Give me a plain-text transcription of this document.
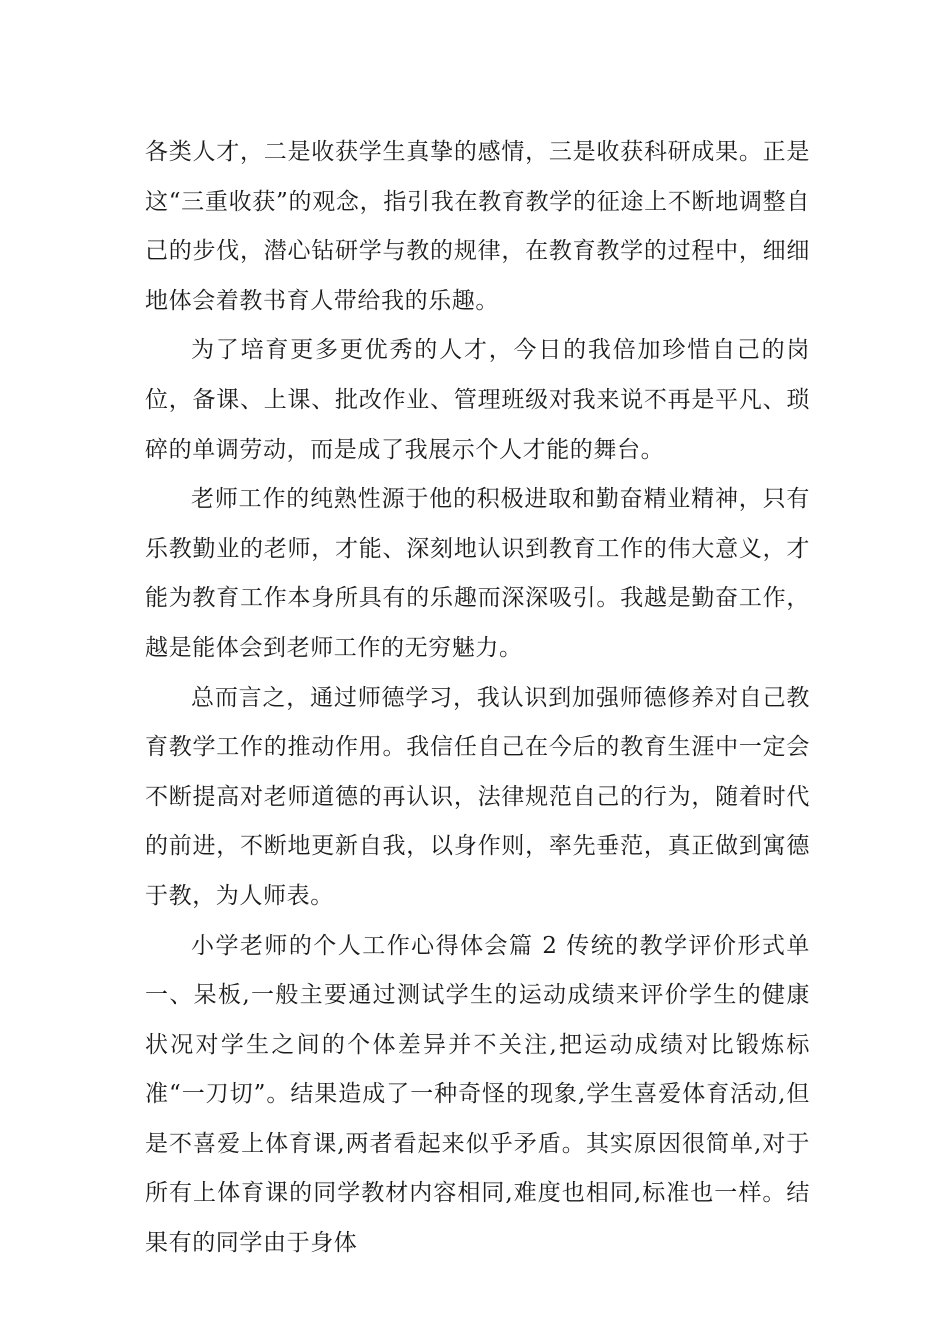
各类人才，二是收获学生真挚的感情，三是收获科研成果。正是这“三重收获”的观念，指引我在教育教学的征途上不断地调整自己的步伐，潜心钻研学与教的规律，在教育教学的过程中，细细地体会着教书育人带给我的乐趣。

为了培育更多更优秀的人才，今日的我倍加珍惜自己的岗位，备课、上课、批改作业、管理班级对我来说不再是平凡、琐碎的单调劳动，而是成了我展示个人才能的舞台。

老师工作的纯熟性源于他的积极进取和勤奋精业精神，只有乐教勤业的老师，才能、深刻地认识到教育工作的伟大意义，才能为教育工作本身所具有的乐趣而深深吸引。我越是勤奋工作，越是能体会到老师工作的无穷魅力。

总而言之，通过师德学习，我认识到加强师德修养对自己教育教学工作的推动作用。我信任自己在今后的教育生涯中一定会不断提高对老师道德的再认识，法律规范自己的行为，随着时代的前进，不断地更新自我，以身作则，率先垂范，真正做到寓德于教，为人师表。

小学老师的个人工作心得体会篇 2 传统的教学评价形式单一、呆板,一般主要通过测试学生的运动成绩来评价学生的健康状况对学生之间的个体差异并不关注,把运动成绩对比锻炼标准“一刀切”。结果造成了一种奇怪的现象,学生喜爱体育活动,但是不喜爱上体育课,两者看起来似乎矛盾。其实原因很简单,对于所有上体育课的同学教材内容相同,难度也相同,标准也一样。结果有的同学由于身体
